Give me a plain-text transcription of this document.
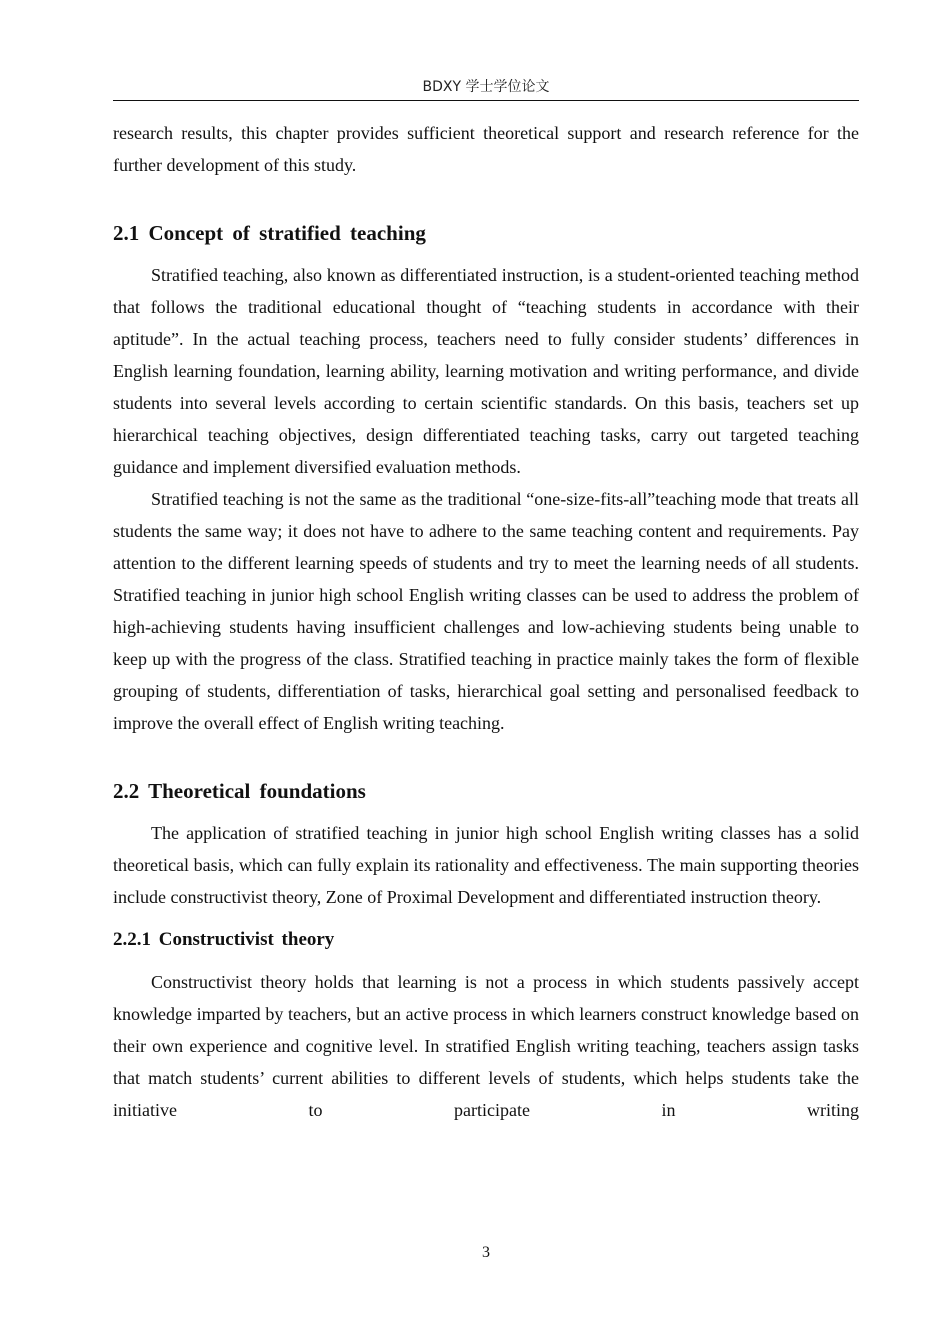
BDXY 学士学位论文

research results, this chapter provides sufficient theoretical support and research reference for the further development of this study.

2.1 Concept of stratified teaching

Stratified teaching, also known as differentiated instruction, is a student-oriented teaching method that follows the traditional educational thought of “teaching students in accordance with their aptitude”. In the actual teaching process, teachers need to fully consider students’ differences in English learning foundation, learning ability, learning motivation and writing performance, and divide students into several levels according to certain scientific standards. On this basis, teachers set up hierarchical teaching objectives, design differentiated teaching tasks, carry out targeted teaching guidance and implement diversified evaluation methods.

Stratified teaching is not the same as the traditional “one-size-fits-all”teaching mode that treats all students the same way; it does not have to adhere to the same teaching content and requirements. Pay attention to the different learning speeds of students and try to meet the learning needs of all students. Stratified teaching in junior high school English writing classes can be used to address the problem of high-achieving students having insufficient challenges and low-achieving students being unable to keep up with the progress of the class. Stratified teaching in practice mainly takes the form of flexible grouping of students, differentiation of tasks, hierarchical goal setting and personalised feedback to improve the overall effect of English writing teaching.

2.2 Theoretical foundations

The application of stratified teaching in junior high school English writing classes has a solid theoretical basis, which can fully explain its rationality and effectiveness. The main supporting theories include constructivist theory, Zone of Proximal Development and differentiated instruction theory.

2.2.1 Constructivist theory

Constructivist theory holds that learning is not a process in which students passively accept knowledge imparted by teachers, but an active process in which learners construct knowledge based on their own experience and cognitive level. In stratified English writing teaching, teachers assign tasks that match students’ current abilities to different levels of students, which helps students take the initiative to participate in writing

3
